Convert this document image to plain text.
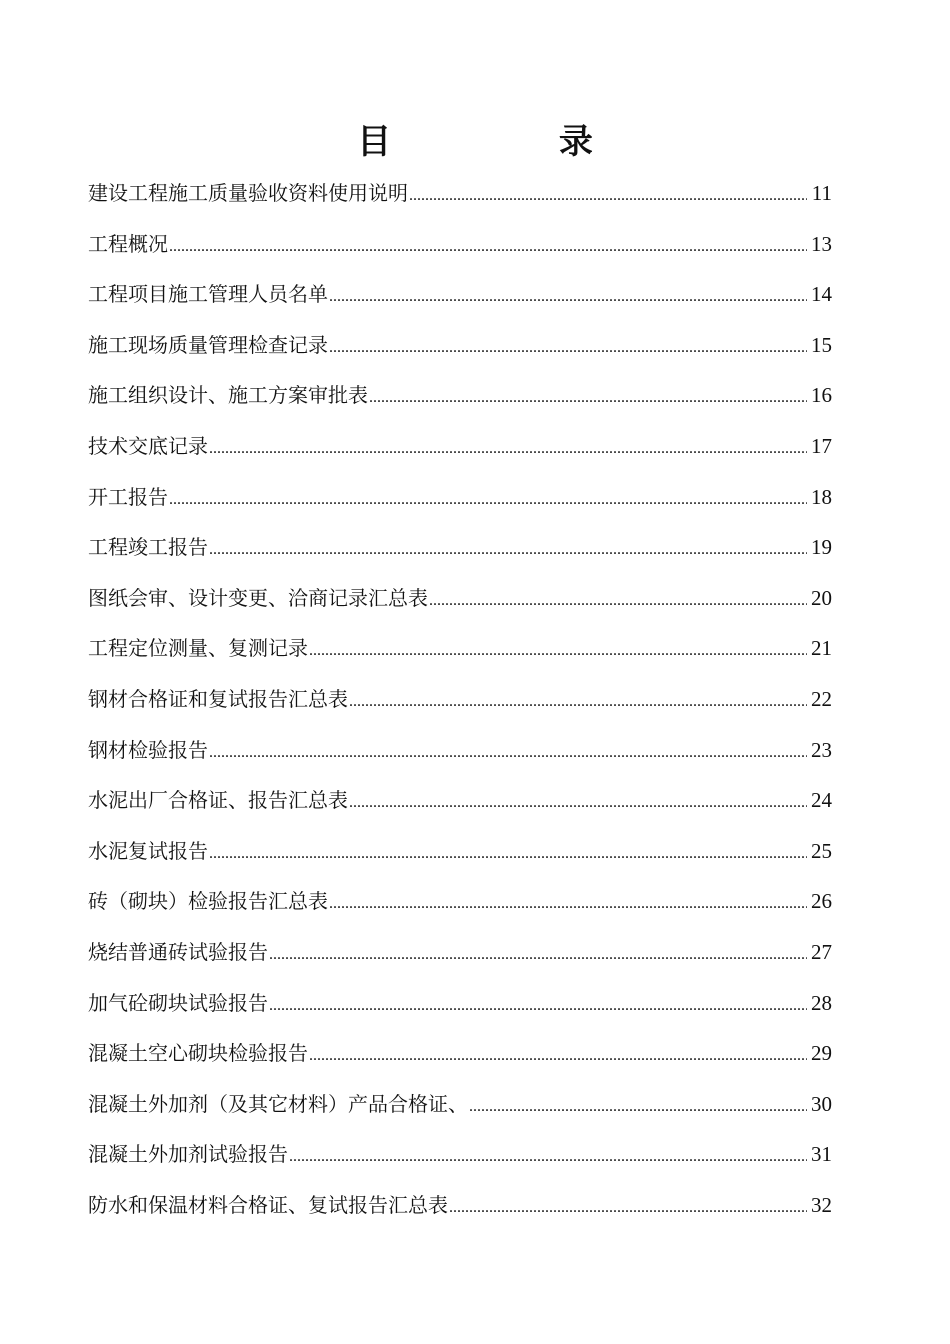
目 录
建设工程施工质量验收资料使用说明 .....	11
工程概况 .....	13
工程项目施工管理人员名单 .....	14
施工现场质量管理检查记录 .....	15
施工组织设计、施工方案审批表 .....	16
技术交底记录 .....	17
开工报告 .....	18
工程竣工报告 .....	19
图纸会审、设计变更、洽商记录汇总表 .....	20
工程定位测量、复测记录 .....	21
钢材合格证和复试报告汇总表 .....	22
钢材检验报告 .....	23
水泥出厂合格证、报告汇总表 .....	24
水泥复试报告 .....	25
砖（砌块）检验报告汇总表 .....	26
烧结普通砖试验报告 .....	27
加气砼砌块试验报告 .....	28
混凝土空心砌块检验报告 .....	29
混凝土外加剂（及其它材料）产品合格证、 .....	30
混凝土外加剂试验报告 .....	31
防水和保温材料合格证、复试报告汇总表 .....	32
